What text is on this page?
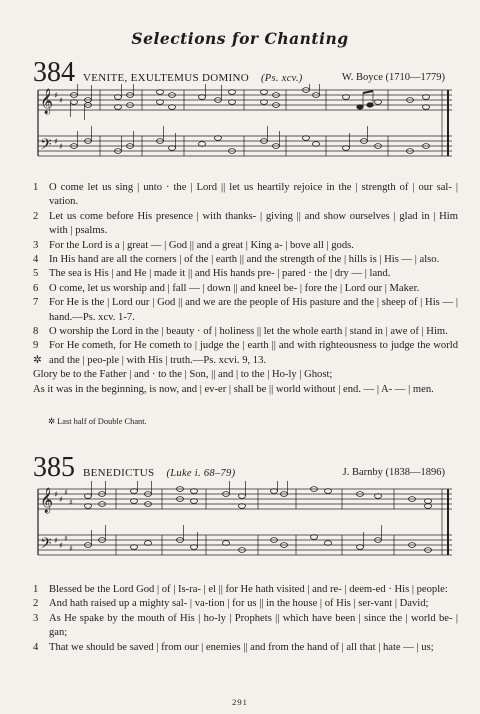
Selections for Chanting
384 VENITE, EXULTEMUS DOMINO (Ps. xcv.)	W. Boyce (1710—1779)
𝄞
𝄢
♯
♯
♯
♯
1	O come let us sing | unto · the | Lord || let us heartily rejoice in the | strength of | our sal- | vation.
2	Let us come before His presence | with thanks- | giving || and show ourselves | glad in | Him with | psalms.
3	For the Lord is a | great — | God || and a great | King a- | bove all | gods.
4	In His hand are all the corners | of the | earth || and the strength of the | hills is | His — | also.
5	The sea is His | and He | made it || and His hands pre- | pared · the | dry — | land.
6	O come, let us worship and | fall — | down || and kneel be- | fore the | Lord our | Maker.
7	For He is the | Lord our | God || and we are the people of His pasture and the | sheep of | His — | hand.—Ps. xcv. 1-7.
8	O worship the Lord in the | beauty · of | holiness || let the whole earth | stand in | awe of | Him.
9 ✲
For He cometh, for He cometh to | judge the | earth || and with righteousness to judge the world and the | peo-ple | with His | truth.—Ps. xcvi. 9, 13.
Glory be to the Father | and · to the | Son, || and | to the | Ho-ly | Ghost;
As it was in the beginning, is now, and | ev-er | shall be || world without | end. — | A- — | men.
✲ Last half of Double Chant.
385 BENEDICTUS (Luke i. 68–79)	J. Barnby (1838—1896)
𝄞
𝄢
♯
♯
♯
♯
♯
♯
♯
♯
1	Blessed be the Lord God | of | Is-ra- | el || for He hath visited | and re- | deem-ed · His | people:
2	And hath raised up a mighty sal- | va-tion | for us || in the house | of His | ser-vant | David;
3	As He spake by the mouth of His | ho-ly | Prophets || which have been | since the | world be- | gan;
4	That we should be saved | from our | enemies || and from the hand of | all that | hate — | us;
291
